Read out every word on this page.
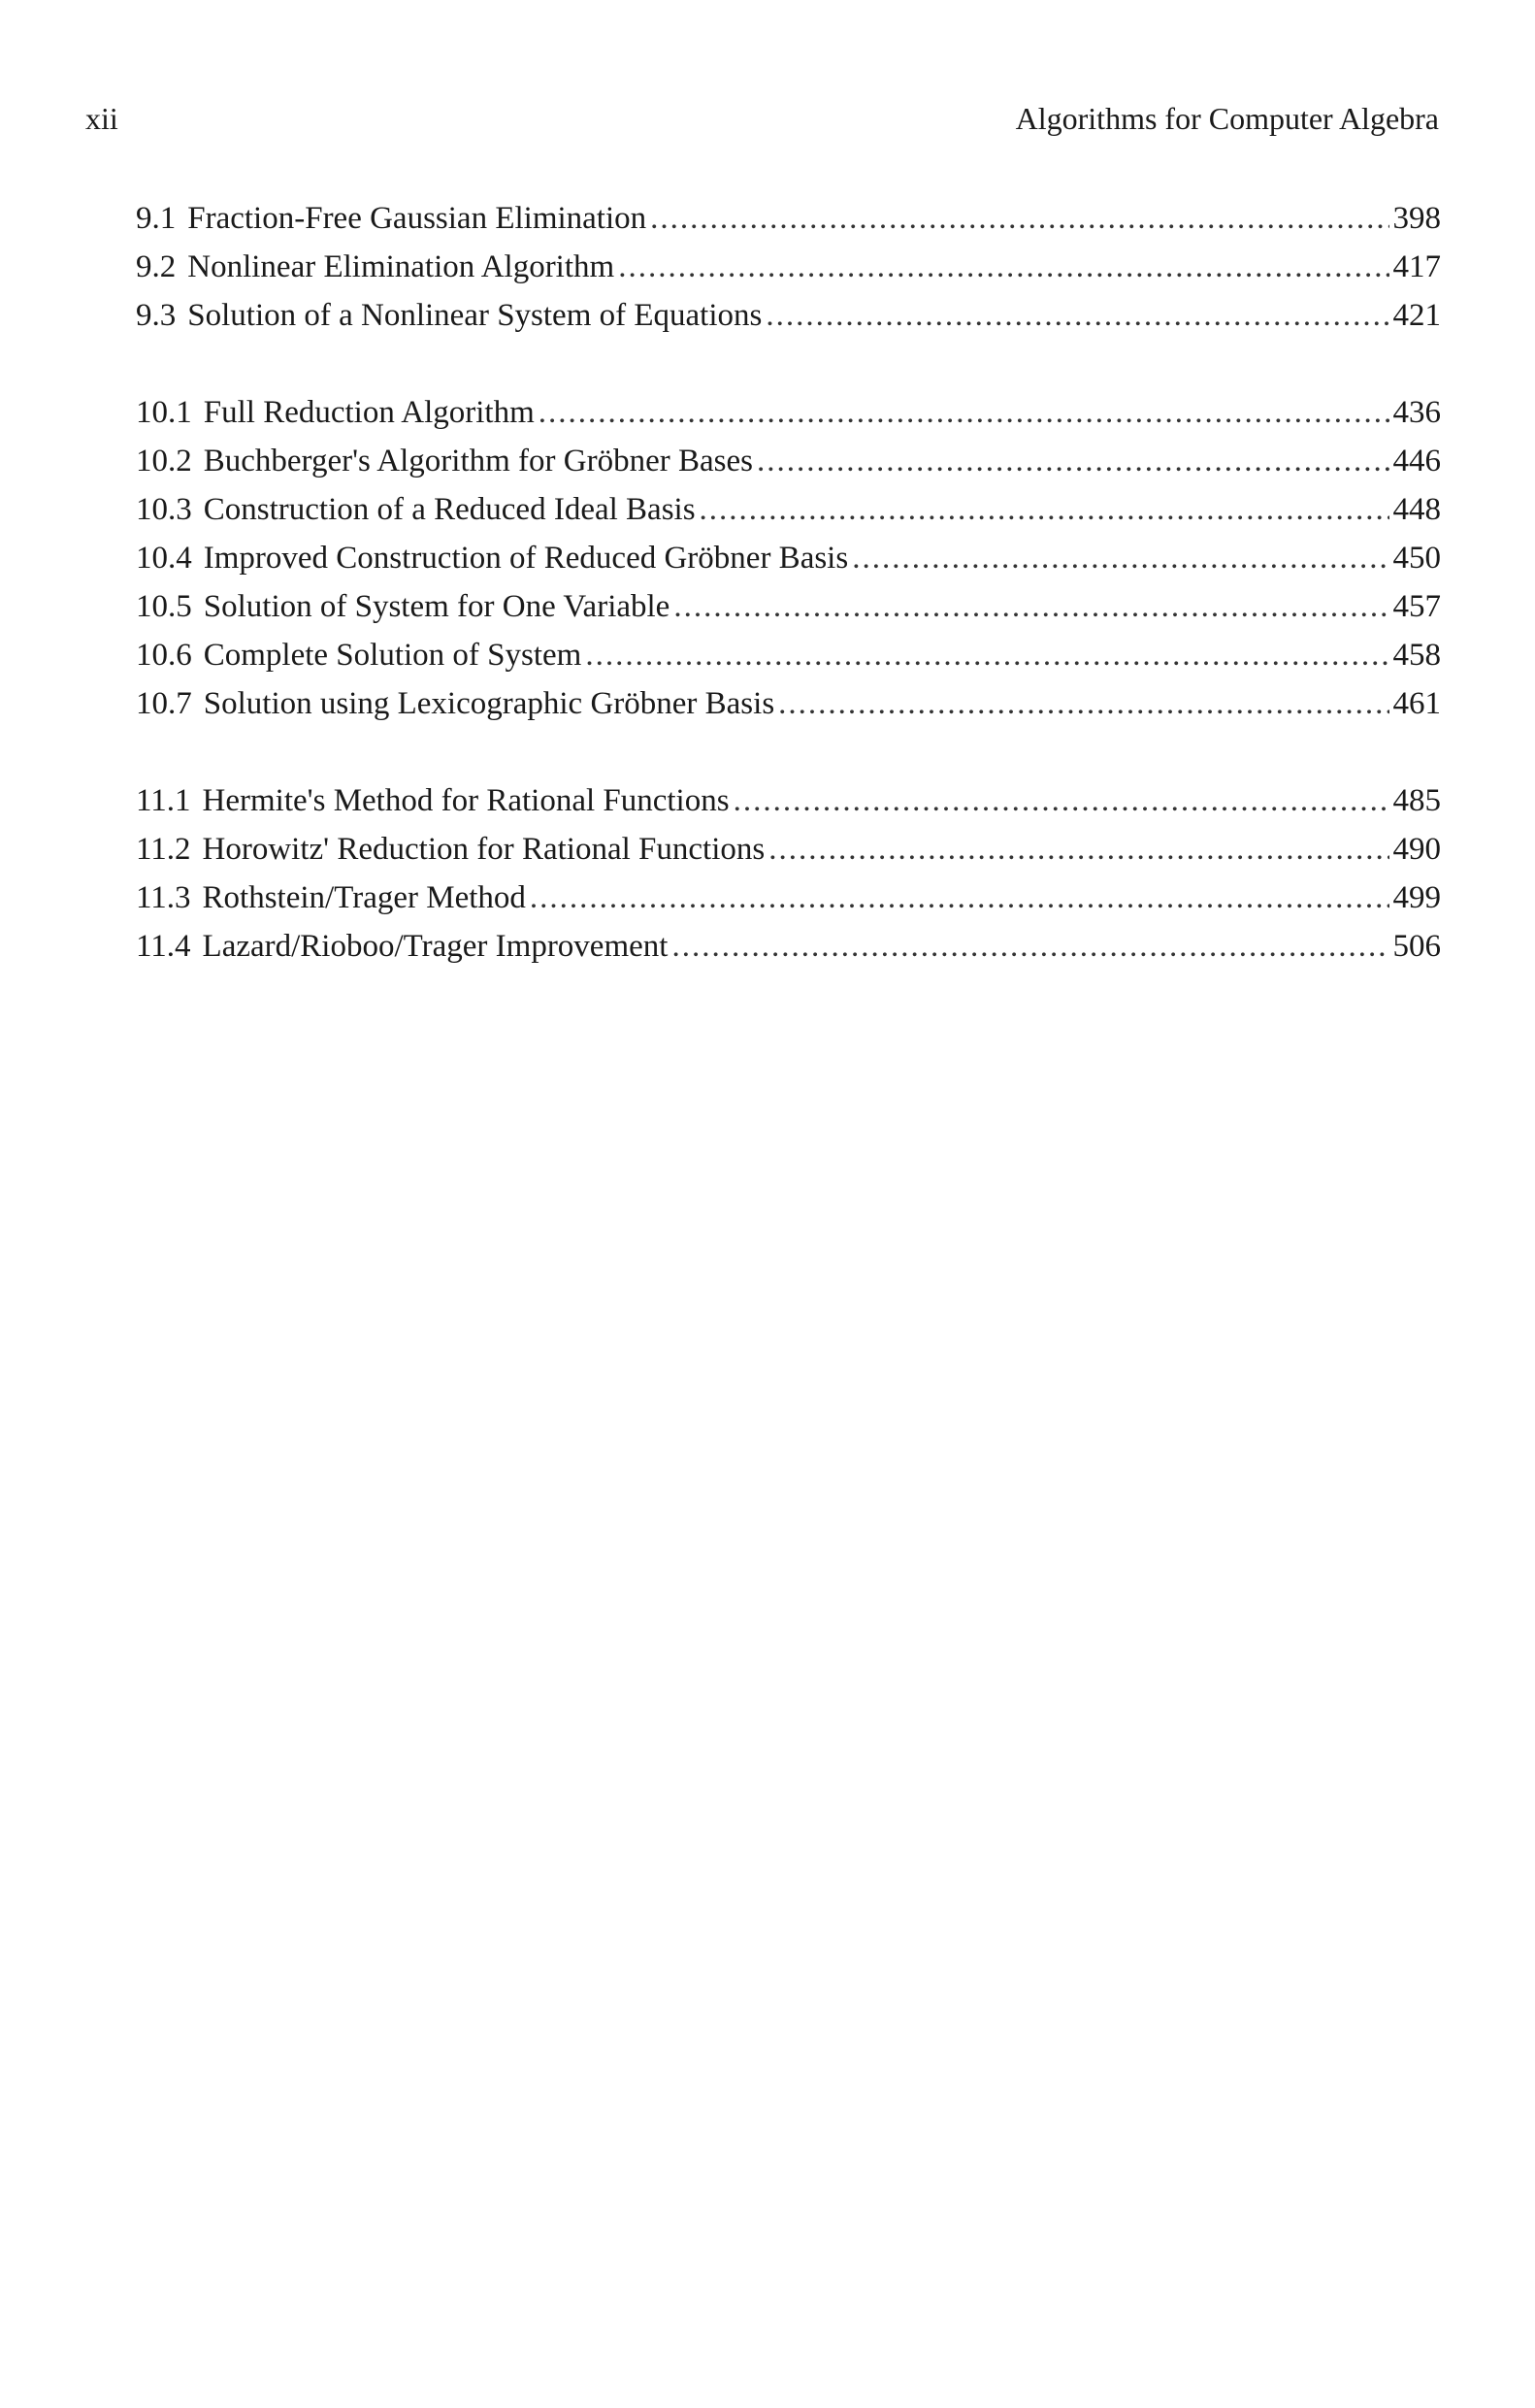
xii	Algorithms for Computer Algebra
9.1 Fraction-Free Gaussian Elimination .....	398
9.2 Nonlinear Elimination Algorithm .....	417
9.3 Solution of a Nonlinear System of Equations .....	421
10.1 Full Reduction Algorithm .....	436
10.2 Buchberger's Algorithm for Gröbner Bases .....	446
10.3 Construction of a Reduced Ideal Basis .....	448
10.4 Improved Construction of Reduced Gröbner Basis .....	450
10.5 Solution of System for One Variable .....	457
10.6 Complete Solution of System .....	458
10.7 Solution using Lexicographic Gröbner Basis .....	461
11.1 Hermite's Method for Rational Functions .....	485
11.2 Horowitz' Reduction for Rational Functions .....	490
11.3 Rothstein/Trager Method .....	499
11.4 Lazard/Rioboo/Trager Improvement .....	506
